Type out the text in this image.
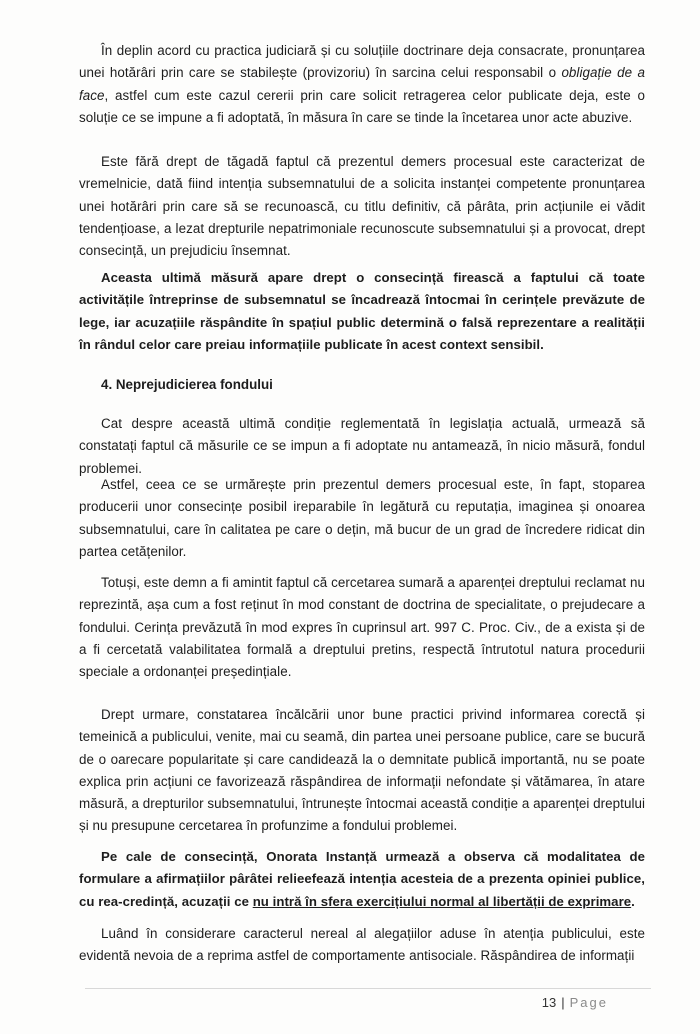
În deplin acord cu practica judiciară și cu soluțiile doctrinare deja consacrate, pronunțarea unei hotărâri prin care se stabilește (provizoriu) în sarcina celui responsabil o obligație de a face, astfel cum este cazul cererii prin care solicit retragerea celor publicate deja, este o soluție ce se impune a fi adoptată, în măsura în care se tinde la încetarea unor acte abuzive.

Este fără drept de tăgadă faptul că prezentul demers procesual este caracterizat de vremelnicie, dată fiind intenția subsemnatului de a solicita instanței competente pronunțarea unei hotărâri prin care să se recunoască, cu titlu definitiv, că pârâta, prin acțiunile ei vădit tendențioase, a lezat drepturile nepatrimoniale recunoscute subsemnatului și a provocat, drept consecință, un prejudiciu însemnat.

Aceasta ultimă măsură apare drept o consecință firească a faptului că toate activitățile întreprinse de subsemnatul se încadrează întocmai în cerințele prevăzute de lege, iar acuzațiile răspândite în spațiul public determină o falsă reprezentare a realității în rândul celor care preiau informațiile publicate în acest context sensibil.

4. Neprejudicierea fondului

Cat despre această ultimă condiție reglementată în legislația actuală, urmează să constatați faptul că măsurile ce se impun a fi adoptate nu antamează, în nicio măsură, fondul problemei.

Astfel, ceea ce se urmărește prin prezentul demers procesual este, în fapt, stoparea producerii unor consecințe posibil ireparabile în legătură cu reputația, imaginea și onoarea subsemnatului, care în calitatea pe care o dețin, mă bucur de un grad de încredere ridicat din partea cetățenilor.

Totuși, este demn a fi amintit faptul că cercetarea sumară a aparenței dreptului reclamat nu reprezintă, așa cum a fost reținut în mod constant de doctrina de specialitate, o prejudecare a fondului. Cerința prevăzută în mod expres în cuprinsul art. 997 C. Proc. Civ., de a exista și de a fi cercetată valabilitatea formală a dreptului pretins, respectă întrutotul natura procedurii speciale a ordonanței președințiale.

Drept urmare, constatarea încălcării unor bune practici privind informarea corectă și temeinică a publicului, venite, mai cu seamă, din partea unei persoane publice, care se bucură de o oarecare popularitate și care candidează la o demnitate publică importantă, nu se poate explica prin acțiuni ce favorizează răspândirea de informații nefondate și vătămarea, în atare măsură, a drepturilor subsemnatului, întrunește întocmai această condiție a aparenței dreptului și nu presupune cercetarea în profunzime a fondului problemei.

Pe cale de consecință, Onorata Instanță urmează a observa că modalitatea de formulare a afirmațiilor pârâtei relieefează intenția acesteia de a prezenta opiniei publice, cu rea-credință, acuzații ce nu intră în sfera exercițiului normal al libertății de exprimare.

Luând în considerare caracterul nereal al alegațiilor aduse în atenția publicului, este evidentă nevoia de a reprima astfel de comportamente antisociale. Răspândirea de informații

13 | Page
